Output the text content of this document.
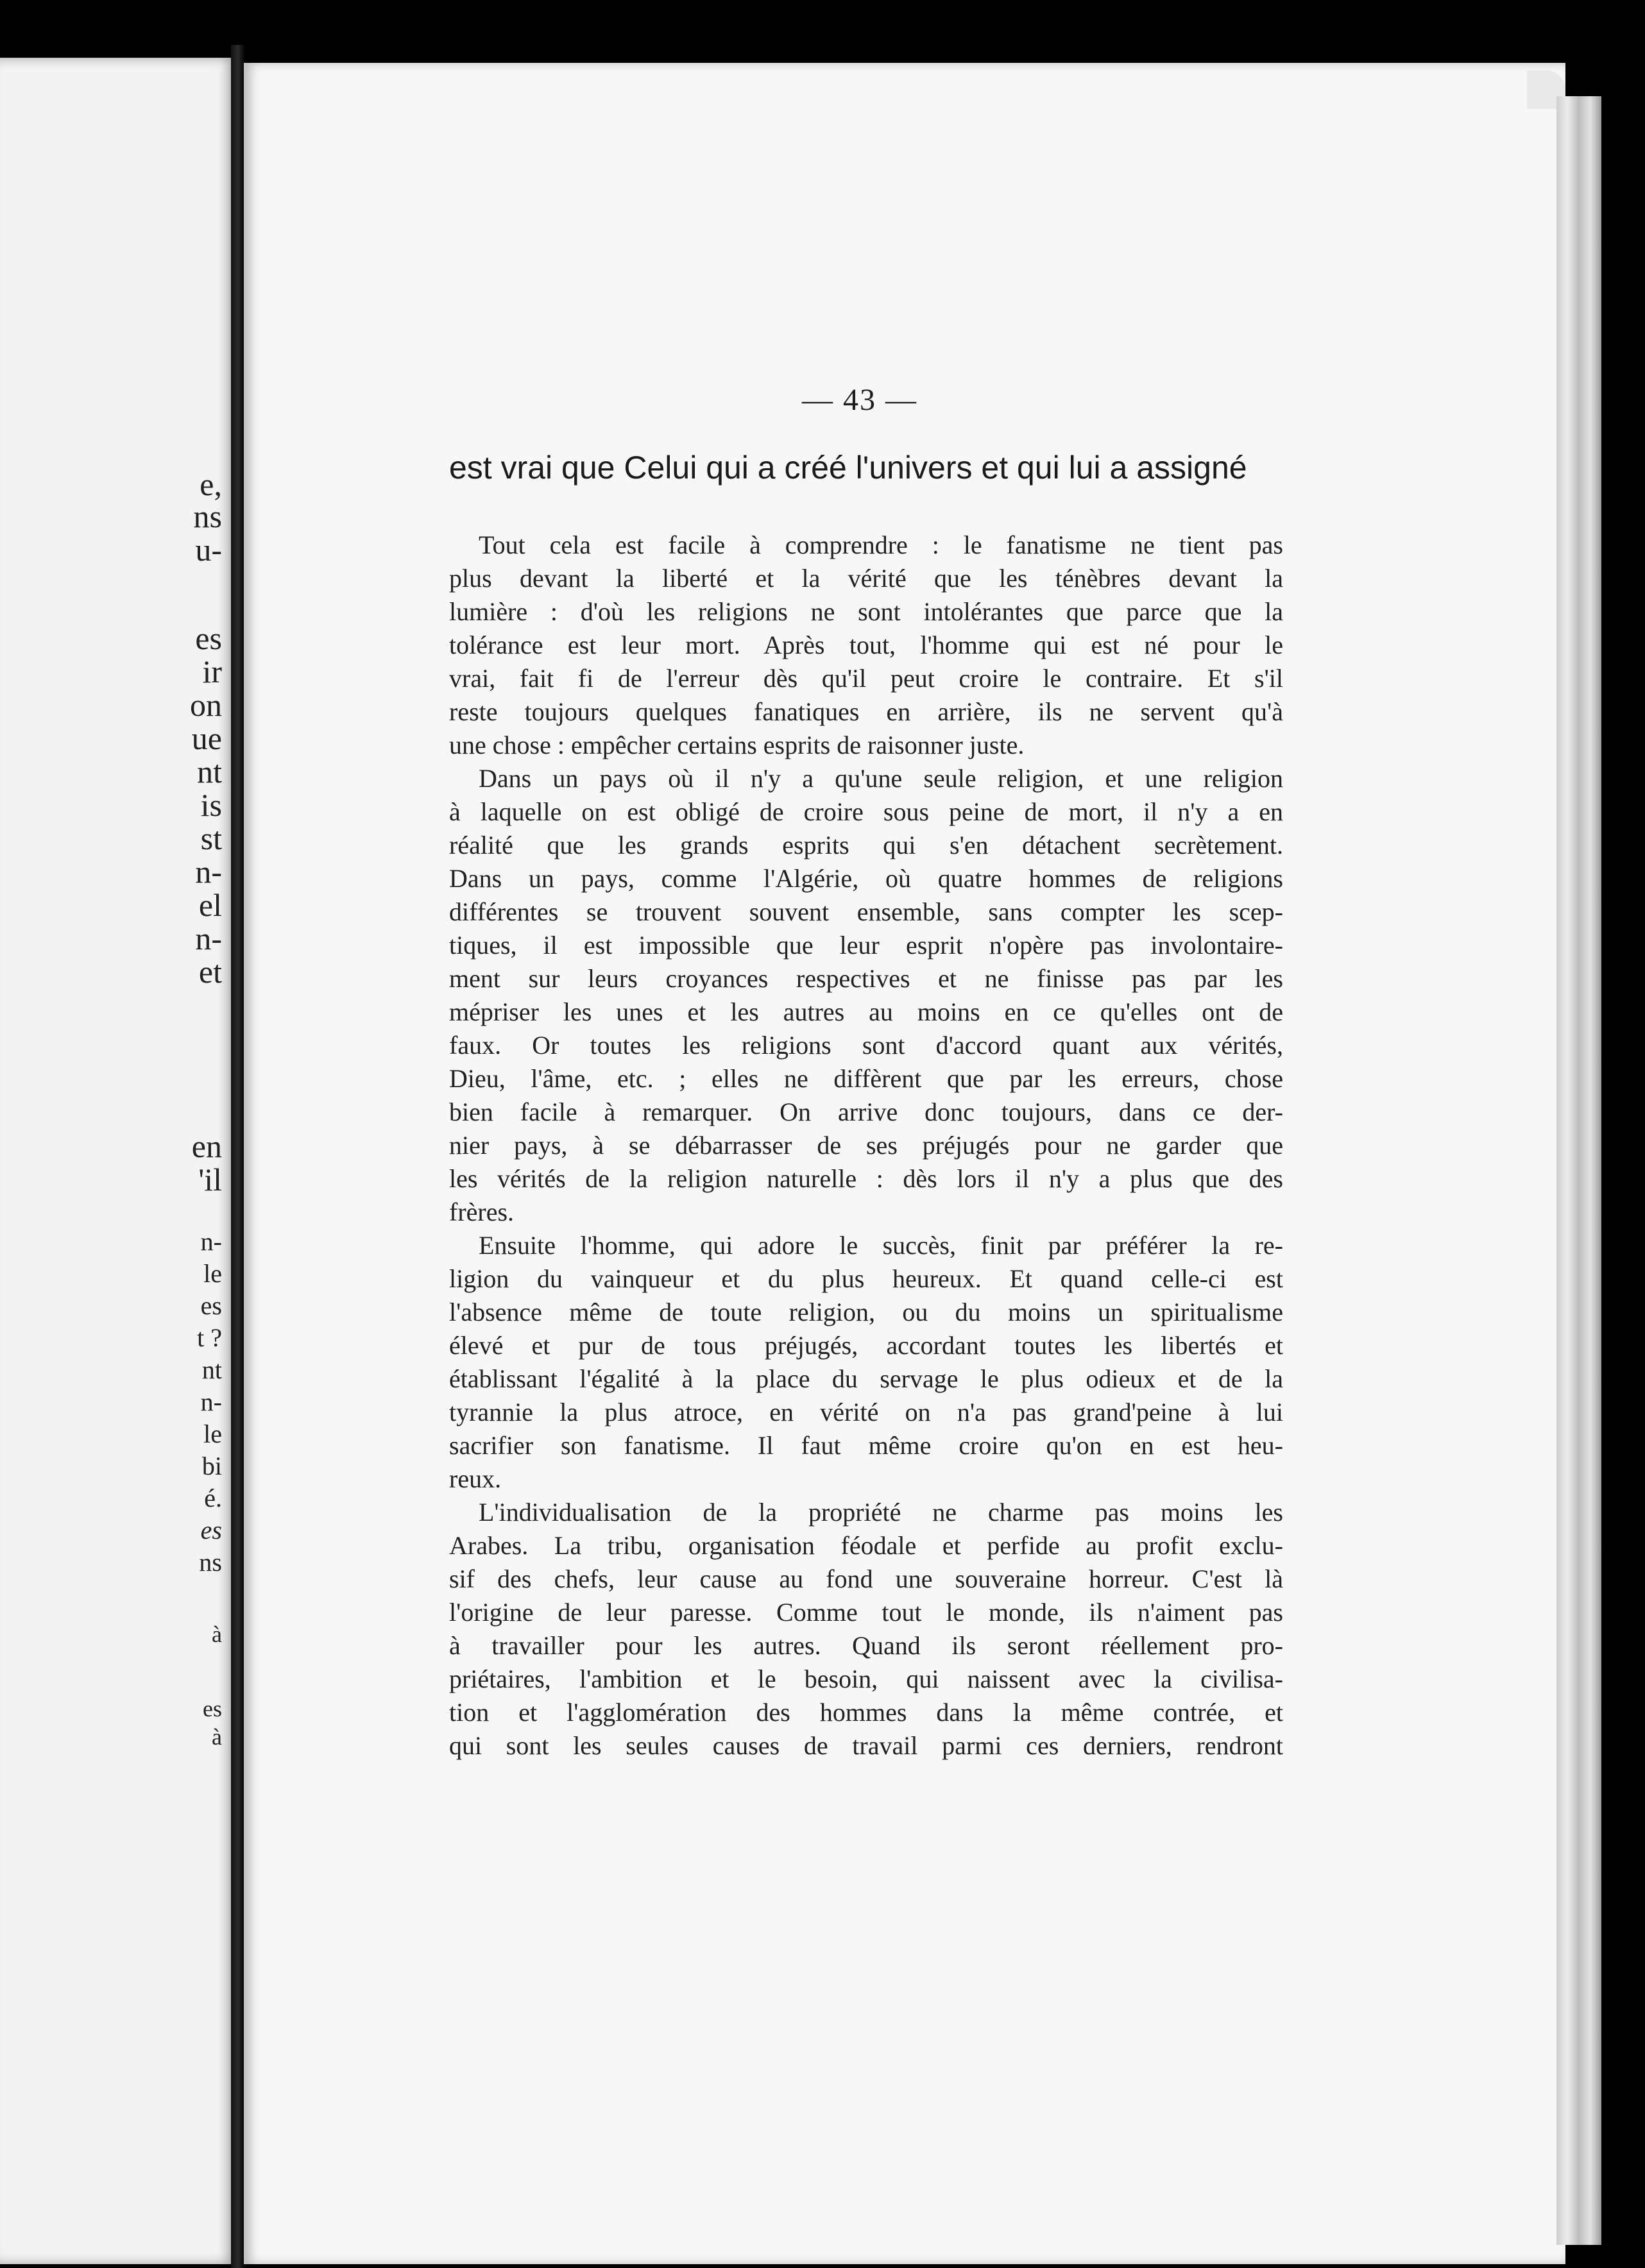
e,
ns
u-
es
ir
on
ue
nt
is
st
n-
el
n-
et
en
'il
n-
le
es
t ?
nt
n-
le
bi
é.
es
ns
à
es
à
— 43 —
est vrai que Celui qui a créé l'univers et qui lui a assigné
Tout cela est facile à comprendre : le fanatisme ne tient pas
plus devant la liberté et la vérité que les ténèbres devant la
lumière : d'où les religions ne sont intolérantes que parce que la
tolérance est leur mort. Après tout, l'homme qui est né pour le
vrai, fait fi de l'erreur dès qu'il peut croire le contraire. Et s'il
reste toujours quelques fanatiques en arrière, ils ne servent qu'à
une chose : empêcher certains esprits de raisonner juste.
Dans un pays où il n'y a qu'une seule religion, et une religion
à laquelle on est obligé de croire sous peine de mort, il n'y a en
réalité que les grands esprits qui s'en détachent secrètement.
Dans un pays, comme l'Algérie, où quatre hommes de religions
différentes se trouvent souvent ensemble, sans compter les scep-
tiques, il est impossible que leur esprit n'opère pas involontaire-
ment sur leurs croyances respectives et ne finisse pas par les
mépriser les unes et les autres au moins en ce qu'elles ont de
faux. Or toutes les religions sont d'accord quant aux vérités,
Dieu, l'âme, etc. ; elles ne diffèrent que par les erreurs, chose
bien facile à remarquer. On arrive donc toujours, dans ce der-
nier pays, à se débarrasser de ses préjugés pour ne garder que
les vérités de la religion naturelle : dès lors il n'y a plus que des
frères.
Ensuite l'homme, qui adore le succès, finit par préférer la re-
ligion du vainqueur et du plus heureux. Et quand celle-ci est
l'absence même de toute religion, ou du moins un spiritualisme
élevé et pur de tous préjugés, accordant toutes les libertés et
établissant l'égalité à la place du servage le plus odieux et de la
tyrannie la plus atroce, en vérité on n'a pas grand'peine à lui
sacrifier son fanatisme. Il faut même croire qu'on en est heu-
reux.
L'individualisation de la propriété ne charme pas moins les
Arabes. La tribu, organisation féodale et perfide au profit exclu-
sif des chefs, leur cause au fond une souveraine horreur. C'est là
l'origine de leur paresse. Comme tout le monde, ils n'aiment pas
à travailler pour les autres. Quand ils seront réellement pro-
priétaires, l'ambition et le besoin, qui naissent avec la civilisa-
tion et l'agglomération des hommes dans la même contrée, et
qui sont les seules causes de travail parmi ces derniers, rendront
